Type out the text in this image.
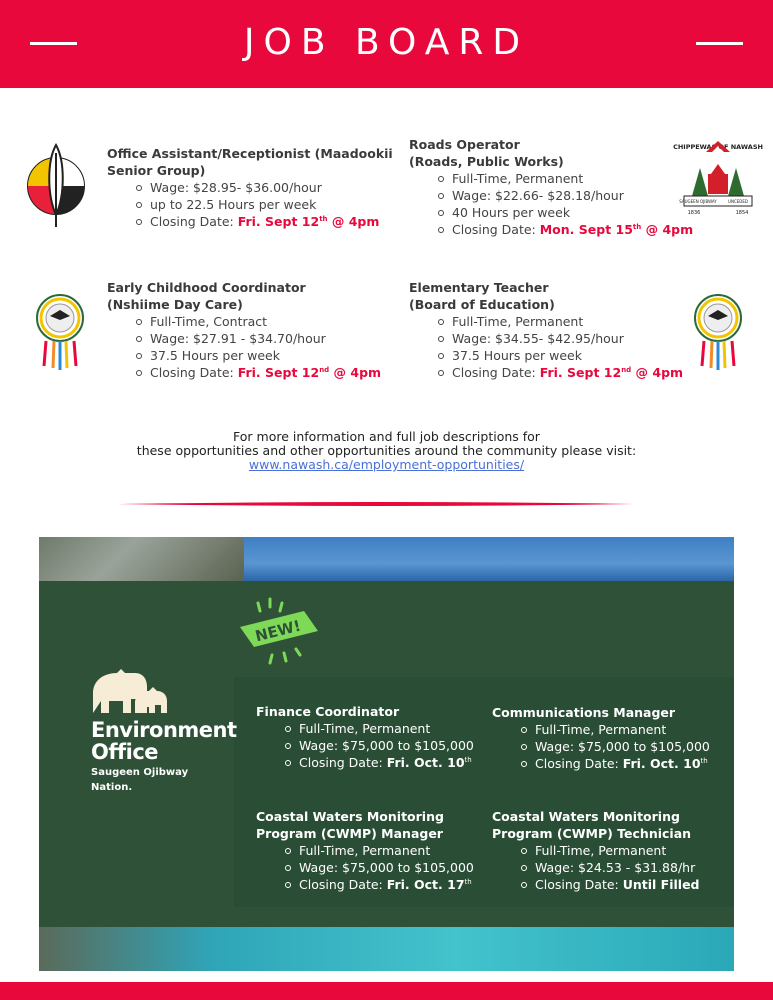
JOB BOARD
CHIPPEWAS OF NAWASH
SAUGEEN OJIBWAY	UNCEDED
1836	1854
Office Assistant/Receptionist (Maadookii
Senior Group)
Wage: $28.95- $36.00/hour
up to 22.5 Hours per week
Closing Date: Fri. Sept 12th @ 4pm
Roads Operator
(Roads, Public Works)
Full-Time, Permanent
Wage: $22.66- $28.18/hour
40 Hours per week
Closing Date: Mon. Sept 15th @ 4pm
Early Childhood Coordinator
(Nshiime Day Care)
Full-Time, Contract
Wage: $27.91 - $34.70/hour
37.5 Hours per week
Closing Date: Fri. Sept 12nd @ 4pm
Elementary Teacher
(Board of Education)
Full-Time, Permanent
Wage: $34.55- $42.95/hour
37.5 Hours per week
Closing Date: Fri. Sept 12nd @ 4pm
For more information and full job descriptions for
these opportunities and other opportunities around the community please visit:
www.nawash.ca/employment-opportunities/
NEW!
Environment
Office
Saugeen Ojibway
Nation.
Finance Coordinator
Full-Time, Permanent
Wage: $75,000 to $105,000
Closing Date: Fri. Oct. 10th
Communications Manager
Full-Time, Permanent
Wage: $75,000 to $105,000
Closing Date: Fri. Oct. 10th
Coastal Waters Monitoring
Program (CWMP) Manager
Full-Time, Permanent
Wage: $75,000 to $105,000
Closing Date: Fri. Oct. 17th
Coastal Waters Monitoring
Program (CWMP) Technician
Full-Time, Permanent
Wage: $24.53 - $31.88/hr
Closing Date: Until Filled
